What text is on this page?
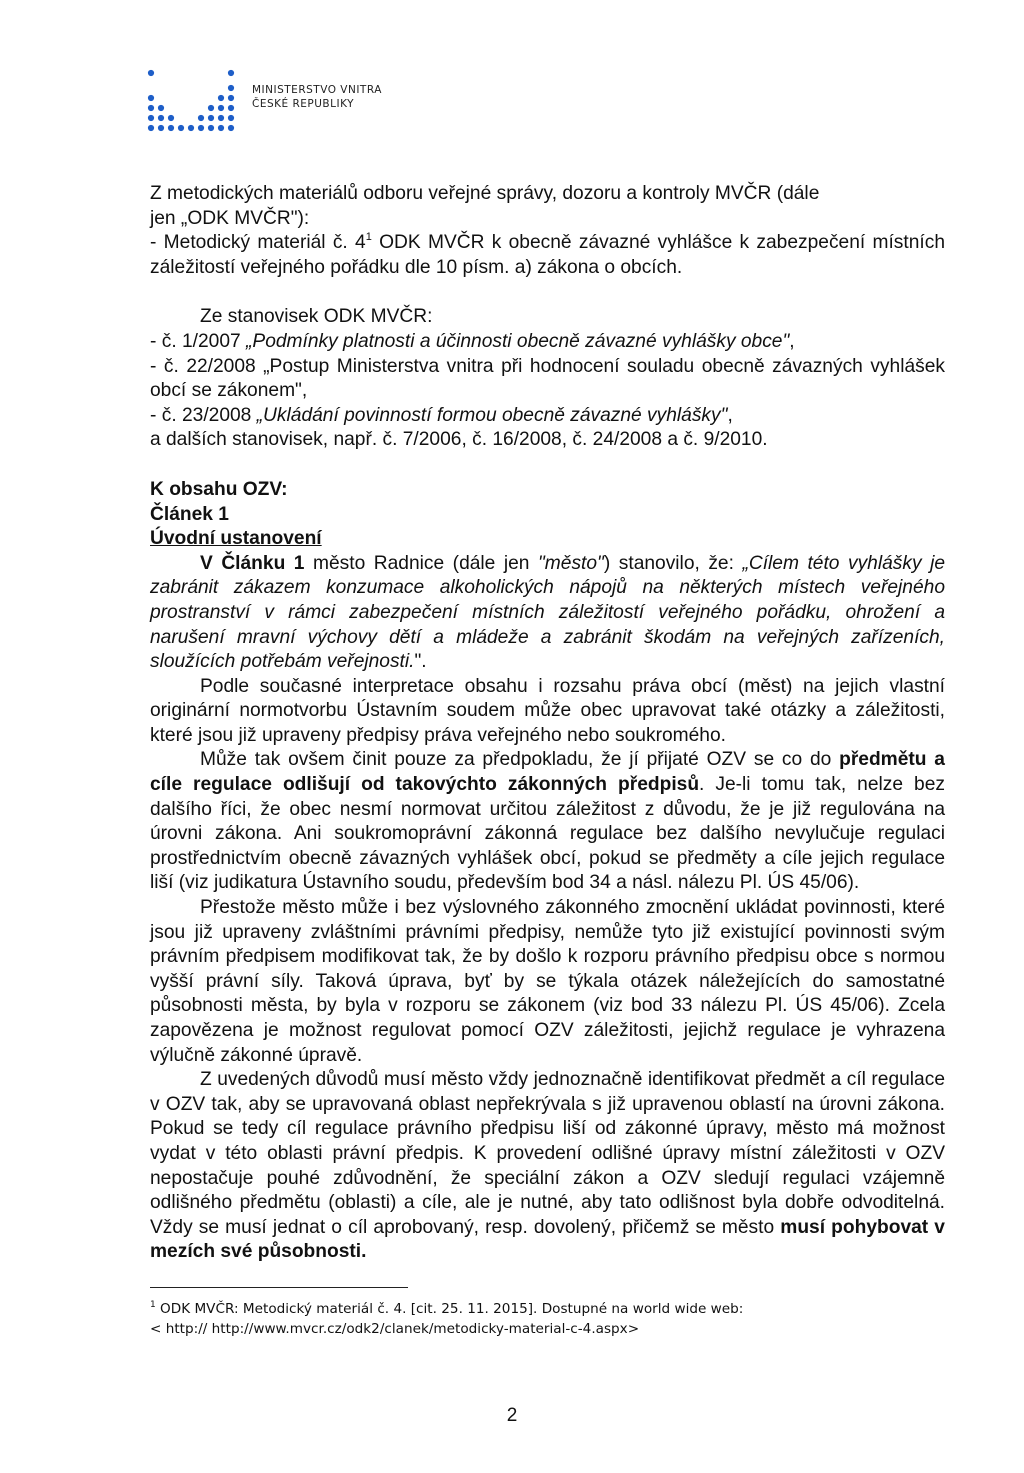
MINISTERSTVO VNITRA
ČESKÉ REPUBLIKY

Z metodických materiálů odboru veřejné správy, dozoru a kontroly MVČR (dále

jen „ODK MVČR"):

- Metodický materiál č. $4^1$ ODK MVČR k obecně závazné vyhlášce k zabezpečení místních záležitostí veřejného pořádku dle 10 písm. a) zákona o obcích.

Ze stanovisek ODK MVČR:

- č. 1/2007 „Podmínky platnosti a účinnosti obecně závazné vyhlášky obce",

- č. 22/2008 „Postup Ministerstva vnitra při hodnocení souladu obecně závazných vyhlášek obcí se zákonem",

- č. 23/2008 „Ukládání povinností formou obecně závazné vyhlášky",

a dalších stanovisek, např. č. 7/2006, č. 16/2008, č. 24/2008 a č. 9/2010.

K obsahu OZV:

Článek 1

Úvodní ustanovení

V Článku 1 město Radnice (dále jen "město") stanovilo, že: „Cílem této vyhlášky je zabránit zákazem konzumace alkoholických nápojů na některých místech veřejného prostranství v rámci zabezpečení místních záležitostí veřejného pořádku, ohrožení a narušení mravní výchovy dětí a mládeže a zabránit škodám na veřejných zařízeních, sloužících potřebám veřejnosti.".

Podle současné interpretace obsahu i rozsahu práva obcí (měst) na jejich vlastní originární normotvorbu Ústavním soudem může obec upravovat také otázky a záležitosti, které jsou již upraveny předpisy práva veřejného nebo soukromého.

Může tak ovšem činit pouze za předpokladu, že jí přijaté OZV se co do předmětu a cíle regulace odlišují od takovýchto zákonných předpisů. Je-li tomu tak, nelze bez dalšího říci, že obec nesmí normovat určitou záležitost z důvodu, že je již regulována na úrovni zákona. Ani soukromoprávní zákonná regulace bez dalšího nevylučuje regulaci prostřednictvím obecně závazných vyhlášek obcí, pokud se předměty a cíle jejich regulace liší (viz judikatura Ústavního soudu, především bod 34 a násl. nálezu Pl. ÚS 45/06).

Přestože město může i bez výslovného zákonného zmocnění ukládat povinnosti, které jsou již upraveny zvláštními právními předpisy, nemůže tyto již existující povinnosti svým právním předpisem modifikovat tak, že by došlo k rozporu právního předpisu obce s normou vyšší právní síly. Taková úprava, byť by se týkala otázek náležejících do samostatné působnosti města, by byla v rozporu se zákonem (viz bod 33 nálezu Pl. ÚS 45/06). Zcela zapovězena je možnost regulovat pomocí OZV záležitosti, jejichž regulace je vyhrazena výlučně zákonné úpravě.

Z uvedených důvodů musí město vždy jednoznačně identifikovat předmět a cíl regulace v OZV tak, aby se upravovaná oblast nepřekrývala s již upravenou oblastí na úrovni zákona. Pokud se tedy cíl regulace právního předpisu liší od zákonné úpravy, město má možnost vydat v této oblasti právní předpis. K provedení odlišné úpravy místní záležitosti v OZV nepostačuje pouhé zdůvodnění, že speciální zákon a OZV sledují regulaci vzájemně odlišného předmětu (oblasti) a cíle, ale je nutné, aby tato odlišnost byla dobře odvoditelná. Vždy se musí jednat o cíl aprobovaný, resp. dovolený, přičemž se město musí pohybovat v mezích své působnosti.

$^1$ ODK MVČR: Metodický materiál č. 4. [cit. 25. 11. 2015]. Dostupné na world wide web:
< http:// http://www.mvcr.cz/odk2/clanek/metodicky-material-c-4.aspx>
2
